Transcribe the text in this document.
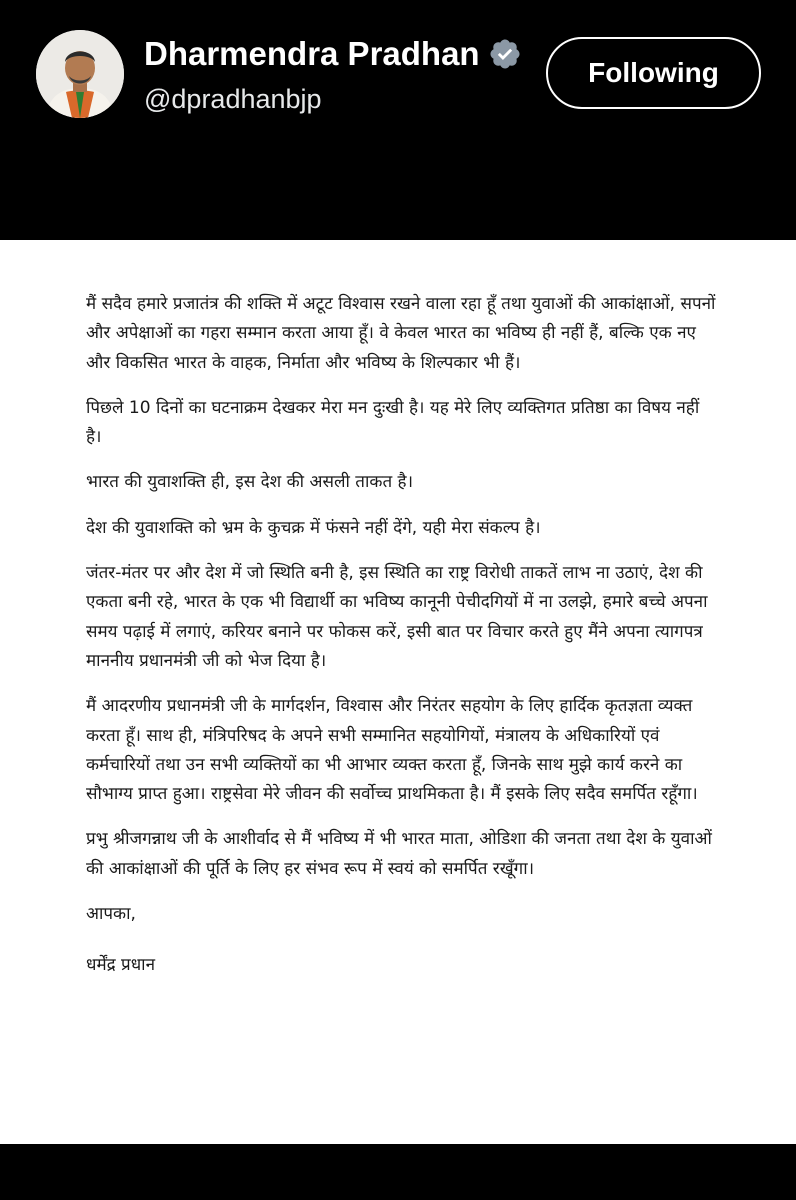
Dharmendra Pradhan
@dpradhanbjp
Following

मैं सदैव हमारे प्रजातंत्र की शक्ति में अटूट विश्वास रखने वाला रहा हूँ तथा युवाओं की आकांक्षाओं, सपनों और अपेक्षाओं का गहरा सम्मान करता आया हूँ। वे केवल भारत का भविष्य ही नहीं हैं, बल्कि एक नए और विकसित भारत के वाहक, निर्माता और भविष्य के शिल्पकार भी हैं।

पिछले 10 दिनों का घटनाक्रम देखकर मेरा मन दुःखी है। यह मेरे लिए व्यक्तिगत प्रतिष्ठा का विषय नहीं है।

भारत की युवाशक्ति ही, इस देश की असली ताकत है।

देश की युवाशक्ति को भ्रम के कुचक्र में फंसने नहीं देंगे, यही मेरा संकल्प है।

जंतर-मंतर पर और देश में जो स्थिति बनी है, इस स्थिति का राष्ट्र विरोधी ताकतें लाभ ना उठाएं, देश की एकता बनी रहे, भारत के एक भी विद्यार्थी का भविष्य कानूनी पेचीदगियों में ना उलझे, हमारे बच्चे अपना समय पढ़ाई में लगाएं, करियर बनाने पर फोकस करें, इसी बात पर विचार करते हुए मैंने अपना त्यागपत्र माननीय प्रधानमंत्री जी को भेज दिया है।

मैं आदरणीय प्रधानमंत्री जी के मार्गदर्शन, विश्वास और निरंतर सहयोग के लिए हार्दिक कृतज्ञता व्यक्त करता हूँ। साथ ही, मंत्रिपरिषद के अपने सभी सम्मानित सहयोगियों, मंत्रालय के अधिकारियों एवं कर्मचारियों तथा उन सभी व्यक्तियों का भी आभार व्यक्त करता हूँ, जिनके साथ मुझे कार्य करने का सौभाग्य प्राप्त हुआ। राष्ट्रसेवा मेरे जीवन की सर्वोच्च प्राथमिकता है। मैं इसके लिए सदैव समर्पित रहूँगा।

प्रभु श्रीजगन्नाथ जी के आशीर्वाद से मैं भविष्य में भी भारत माता, ओडिशा की जनता तथा देश के युवाओं की आकांक्षाओं की पूर्ति के लिए हर संभव रूप में स्वयं को समर्पित रखूँगा।

आपका,

धर्मेंद्र प्रधान
